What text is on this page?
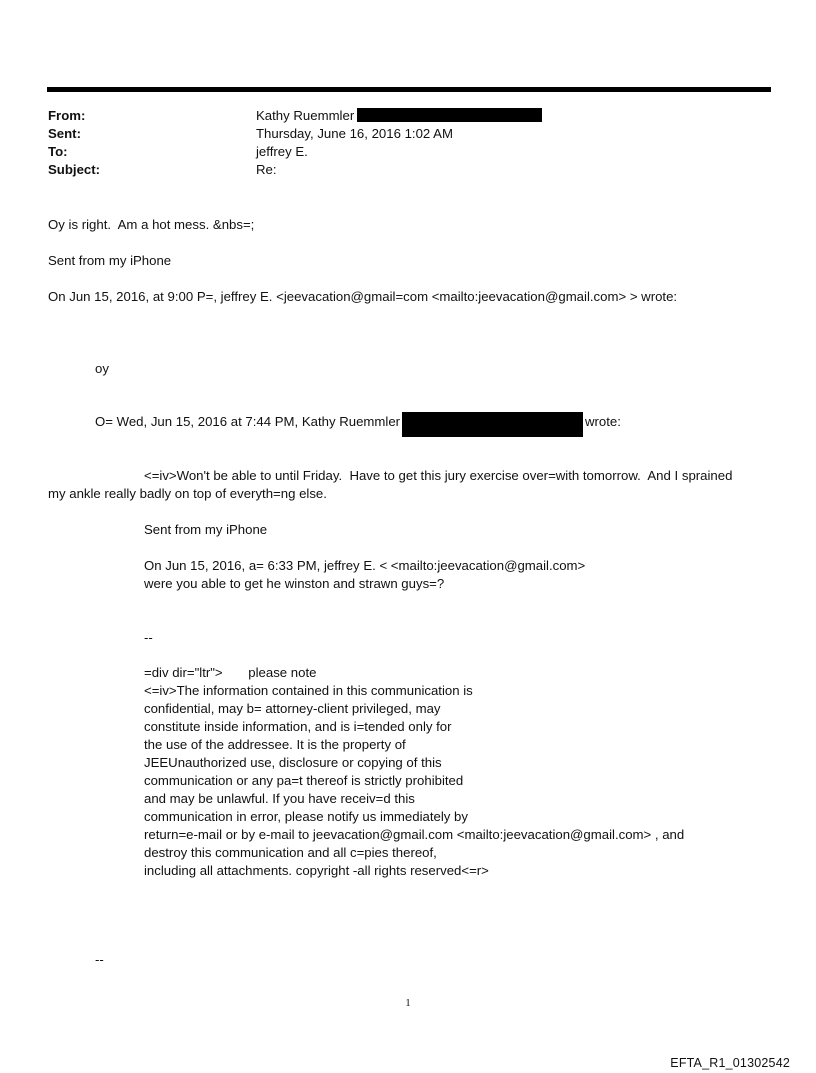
From:	Kathy Ruemmler
Sent:	Thursday, June 16, 2016 1:02 AM
To:	jeffrey E.
Subject:	Re:
Oy is right.  Am a hot mess. &nbs=;
Sent from my iPhone
On Jun 15, 2016, at 9:00 P=, jeffrey E. <jeevacation@gmail=com <mailto:jeevacation@gmail.com> > wrote:
oy
O= Wed, Jun 15, 2016 at 7:44 PM, Kathy Ruemmler	wrote:
<=iv>Won't be able to until Friday.  Have to get this jury exercise over=with tomorrow.  And I sprained
my ankle really badly on top of everyth=ng else.
Sent from my iPhone
On Jun 15, 2016, a= 6:33 PM, jeffrey E. < <mailto:jeevacation@gmail.com>
were you able to get he winston and strawn guys=?
--
=div dir="ltr">       please note
<=iv>The information contained in this communication is
confidential, may b= attorney-client privileged, may
constitute inside information, and is i=tended only for
the use of the addressee. It is the property of
JEEUnauthorized use, disclosure or copying of this
communication or any pa=t thereof is strictly prohibited
and may be unlawful. If you have receiv=d this
communication in error, please notify us immediately by
return=e-mail or by e-mail to jeevacation@gmail.com <mailto:jeevacation@gmail.com> , and
destroy this communication and all c=pies thereof,
including all attachments. copyright -all rights reserved<=r>
--
1
EFTA_R1_01302542
